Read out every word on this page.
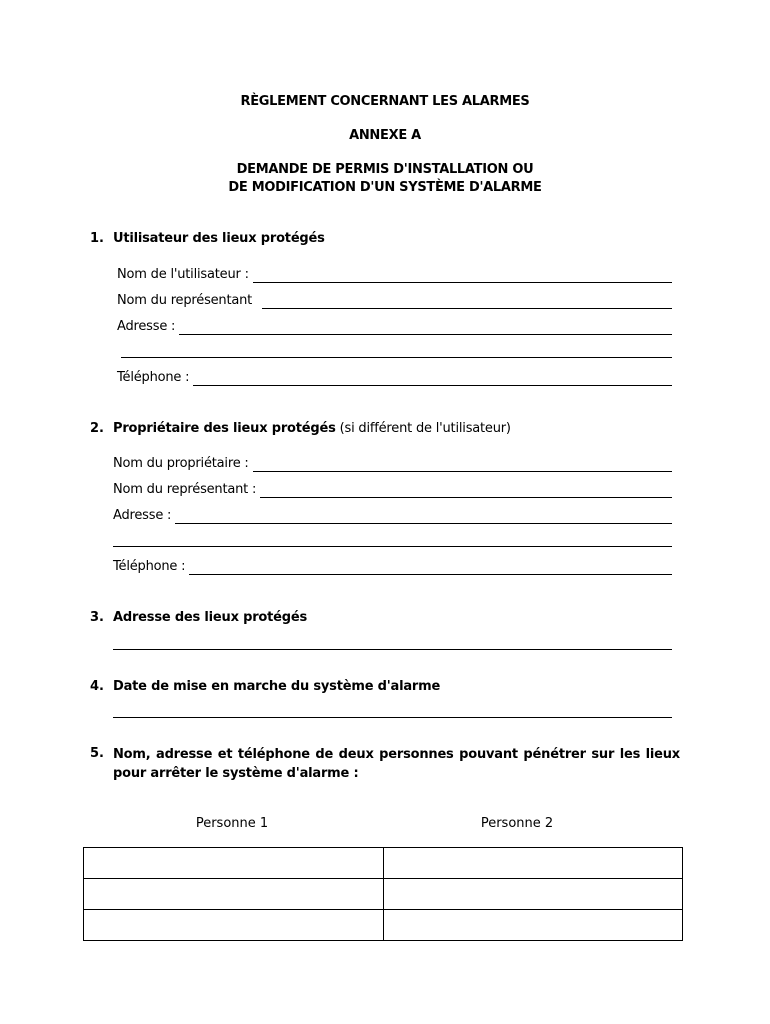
RÈGLEMENT CONCERNANT LES ALARMES
ANNEXE A
DEMANDE DE PERMIS D'INSTALLATION OU
DE MODIFICATION D'UN SYSTÈME D'ALARME
1. Utilisateur des lieux protégés
Nom de l'utilisateur :
Nom du représentant
Adresse :
Téléphone :
2. Propriétaire des lieux protégés (si différent de l'utilisateur)
Nom du propriétaire :
Nom du représentant :
Adresse :
Téléphone :
3. Adresse des lieux protégés
4. Date de mise en marche du système d'alarme
5. Nom, adresse et téléphone de deux personnes pouvant pénétrer sur les lieux pour arrêter le système d'alarme :
Personne 1	Personne 2
